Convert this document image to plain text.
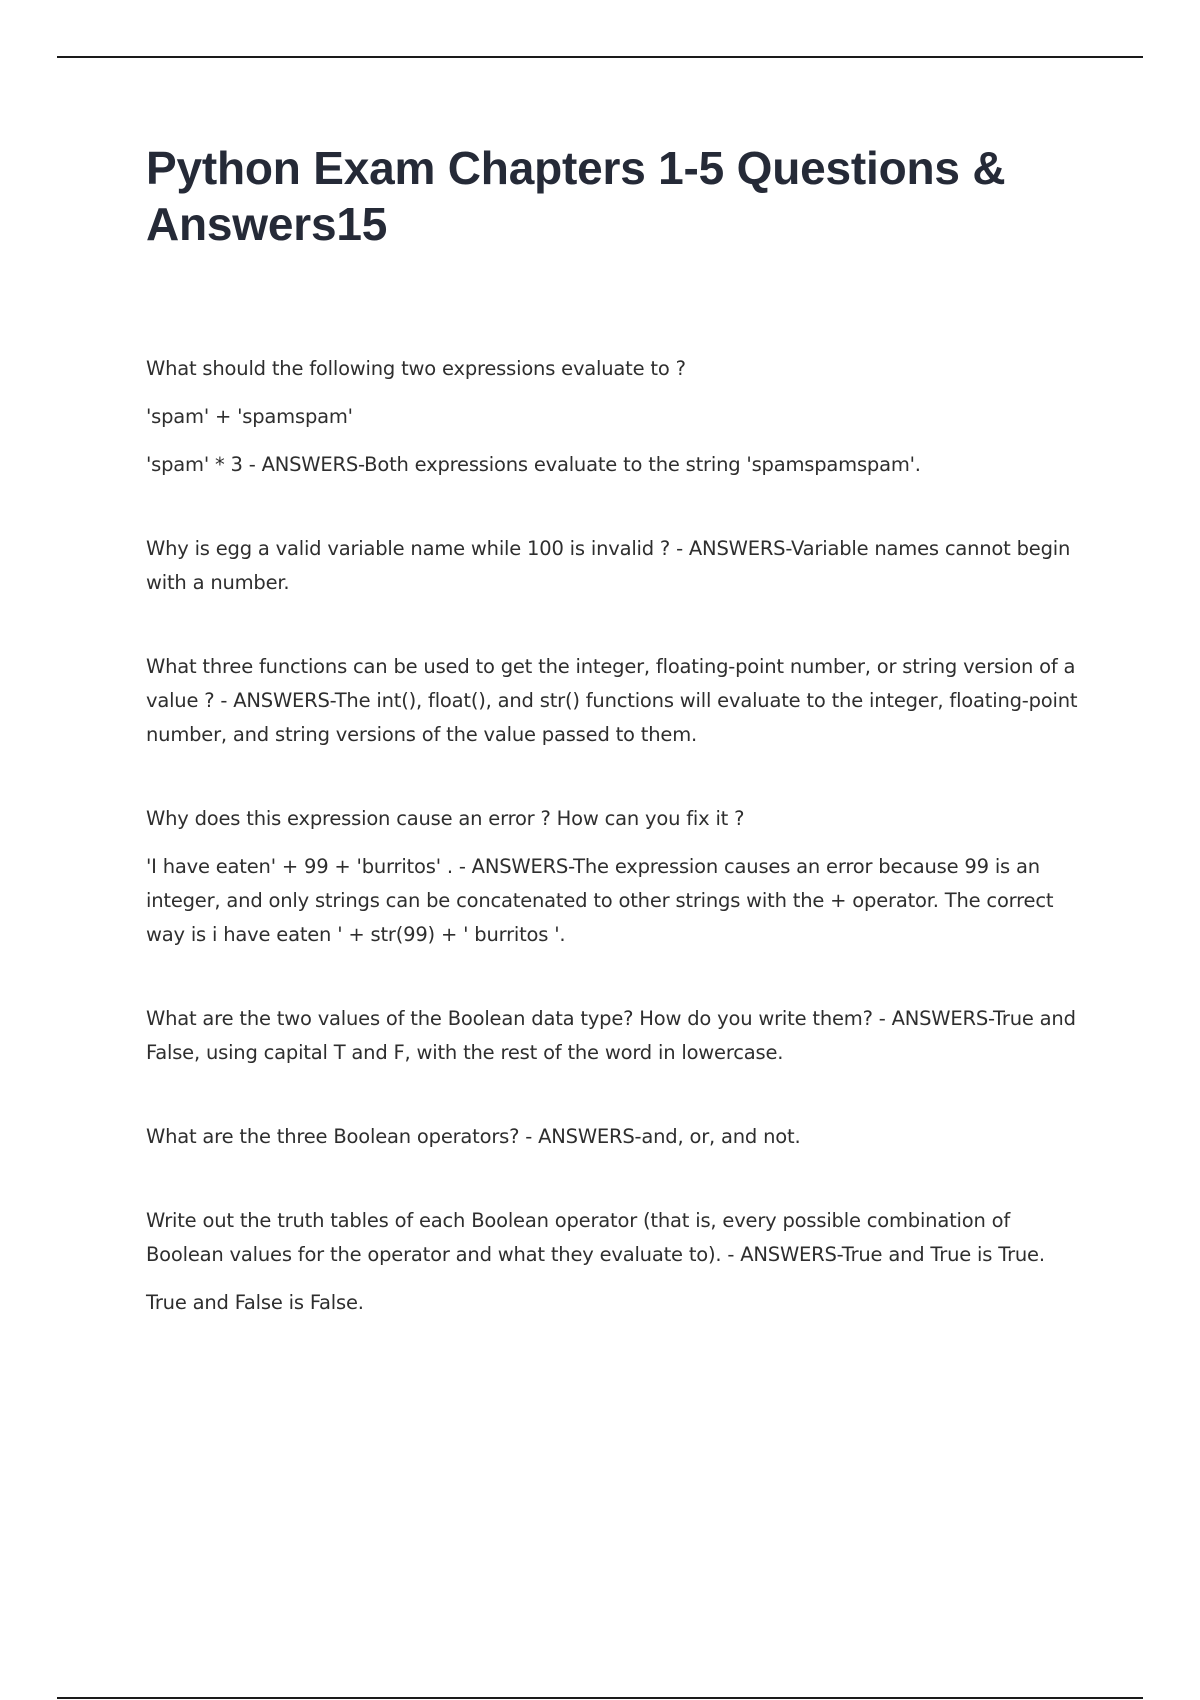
Python Exam Chapters 1-5 Questions & Answers15

What should the following two expressions evaluate to ?

'spam' + 'spamspam'

'spam' * 3 - ANSWERS-Both expressions evaluate to the string 'spamspamspam'.

Why is egg a valid variable name while 100 is invalid ? - ANSWERS-Variable names cannot begin with a number.

What three functions can be used to get the integer, floating-point number, or string version of a value ? - ANSWERS-The int(), float(), and str() functions will evaluate to the integer, floating-point number, and string versions of the value passed to them.

Why does this expression cause an error ? How can you fix it ?

'I have eaten' + 99 + 'burritos' . - ANSWERS-The expression causes an error because 99 is an integer, and only strings can be concatenated to other strings with the + operator. The correct way is i have eaten ' + str(99) + ' burritos '.

What are the two values of the Boolean data type? How do you write them? - ANSWERS-True and False, using capital T and F, with the rest of the word in lowercase.

What are the three Boolean operators? - ANSWERS-and, or, and not.

Write out the truth tables of each Boolean operator (that is, every possible combination of Boolean values for the operator and what they evaluate to). - ANSWERS-True and True is True.

True and False is False.
